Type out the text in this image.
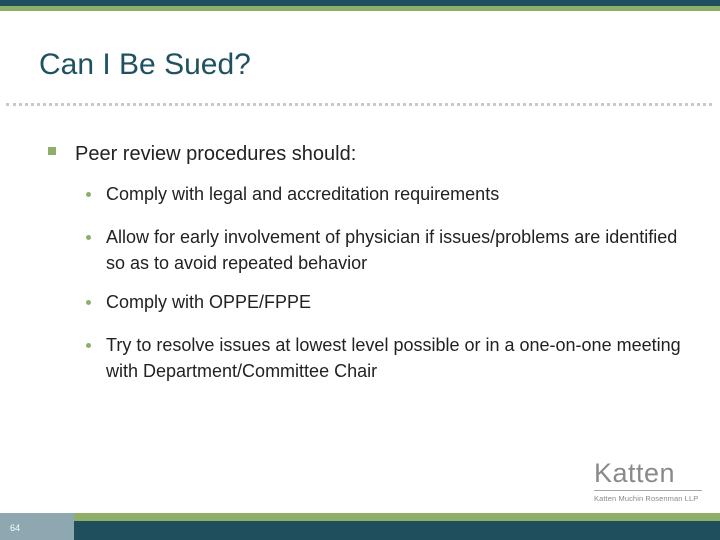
Can I Be Sued?
Peer review procedures should:
Comply with legal and accreditation requirements
Allow for early involvement of physician if issues/problems are identified so as to avoid repeated behavior
Comply with OPPE/FPPE
Try to resolve issues at lowest level possible or in a one-on-one meeting with Department/Committee Chair
Katten
Katten Muchin Rosenman LLP
64
